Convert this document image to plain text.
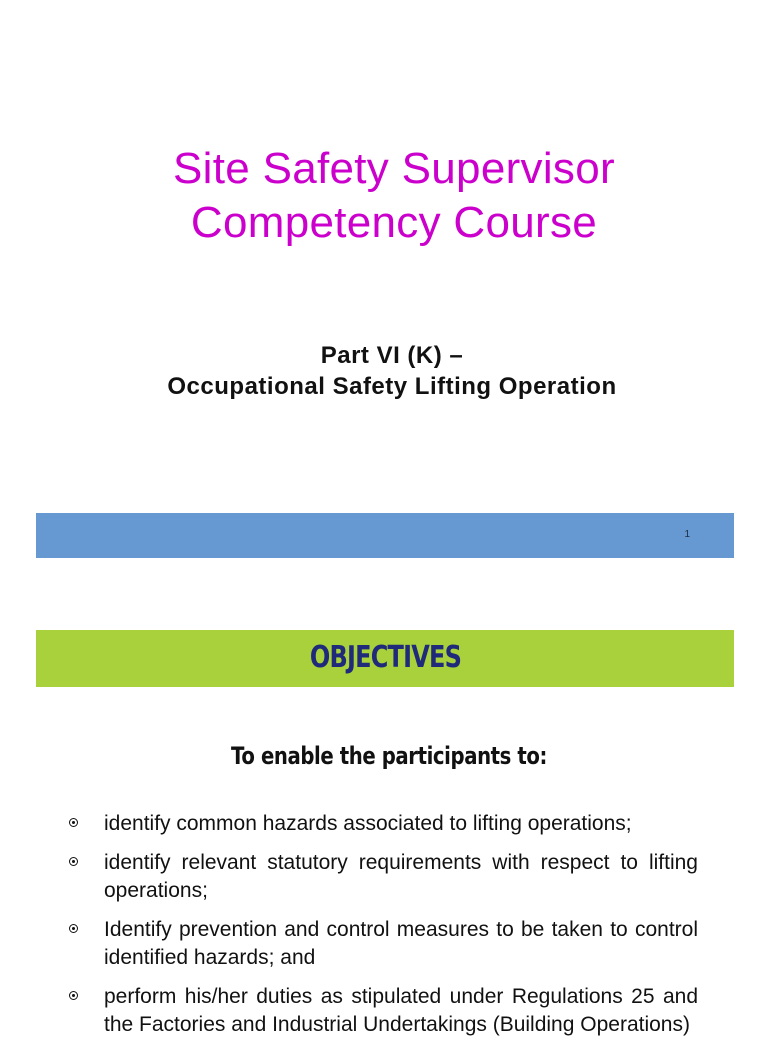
Site Safety Supervisor
Competency Course
Part VI (K) –
Occupational Safety Lifting Operation
1
OBJECTIVES
To enable the participants to:
identify common hazards associated to lifting operations;
identify relevant statutory requirements with respect to lifting operations;
Identify prevention and control measures to be taken to control identified hazards; and
perform his/her duties as stipulated under Regulations 25 and the Factories and Industrial Undertakings (Building Operations)
